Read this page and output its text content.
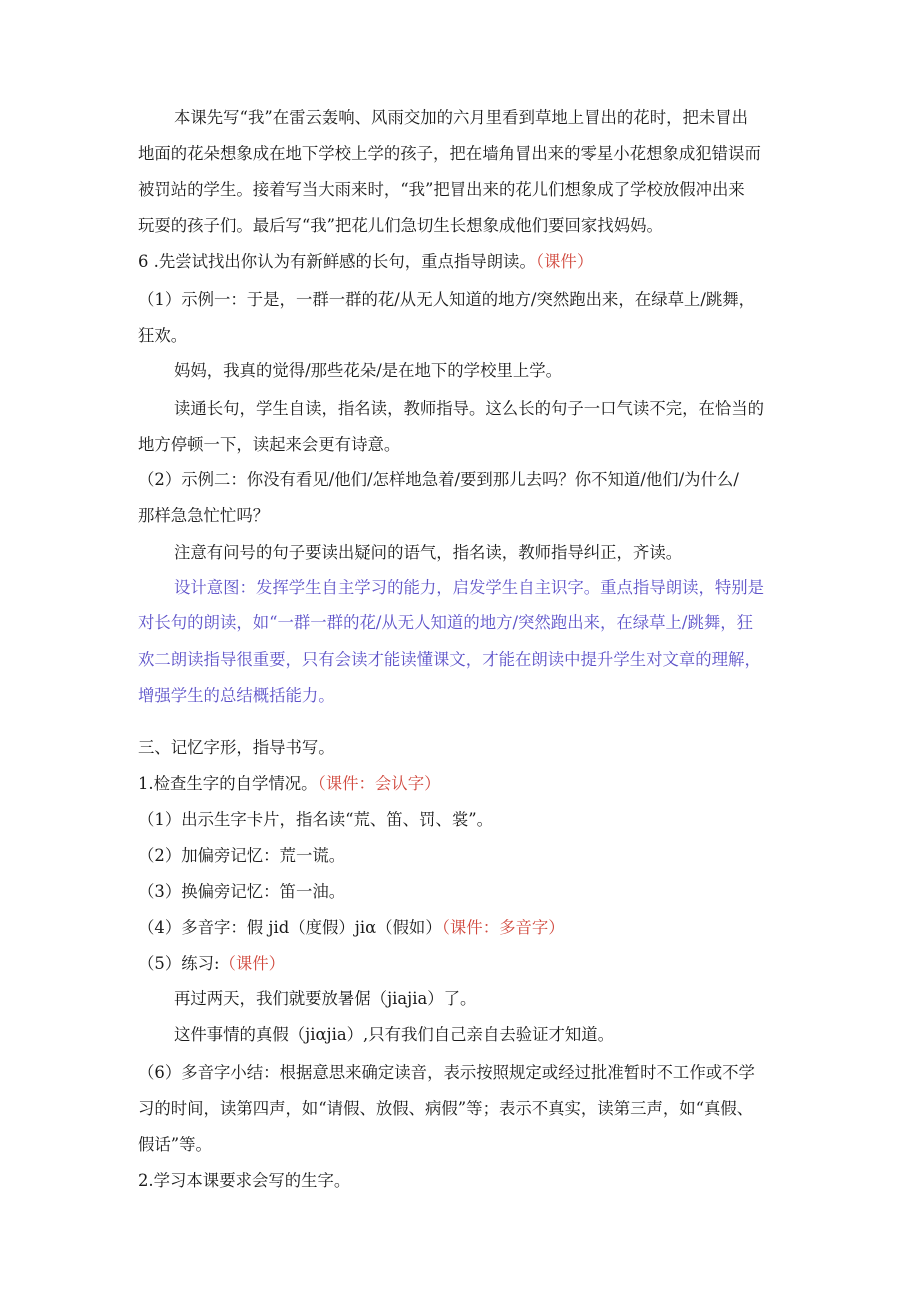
本课先写“我”在雷云轰响、风雨交加的六月里看到草地上冒出的花时，把未冒出
地面的花朵想象成在地下学校上学的孩子，把在墙角冒出来的零星小花想象成犯错误而
被罚站的学生。接着写当大雨来时，“我”把冒出来的花儿们想象成了学校放假冲出来
玩耍的孩子们。最后写“我”把花儿们急切生长想象成他们要回家找妈妈。
6 .先尝试找出你认为有新鲜感的长句，重点指导朗读。（课件）
（1）示例一：于是，一群一群的花/从无人知道的地方/突然跑出来，在绿草上/跳舞，
狂欢。
妈妈，我真的觉得/那些花朵/是在地下的学校里上学。
读通长句，学生自读，指名读，教师指导。这么长的句子一口气读不完，在恰当的
地方停顿一下，读起来会更有诗意。
（2）示例二：你没有看见/他们/怎样地急着/要到那儿去吗？你不知道/他们/为什么/
那样急急忙忙吗？
注意有问号的句子要读出疑问的语气，指名读，教师指导纠正，齐读。
设计意图：发挥学生自主学习的能力，启发学生自主识字。重点指导朗读，特别是
对长句的朗读，如“一群一群的花/从无人知道的地方/突然跑出来，在绿草上/跳舞，狂
欢二朗读指导很重要，只有会读才能读懂课文，才能在朗读中提升学生对文章的理解，
增强学生的总结概括能力。
三、记忆字形，指导书写。
1.检查生字的自学情况。（课件：会认字）
（1）出示生字卡片，指名读“荒、笛、罚、裳”。
（2）加偏旁记忆：荒一谎。
（3）换偏旁记忆：笛一油。
（4）多音字：假 jid（度假）jiα（假如）（课件：多音字）
（5）练习:（课件）
再过两天，我们就要放暑倨（jiajia）了。
这件事情的真假（jiαjia）,只有我们自己亲自去验证才知道。
（6）多音字小结：根据意思来确定读音，表示按照规定或经过批准暂时不工作或不学
习的时间，读第四声，如“请假、放假、病假”等；表示不真实，读第三声，如“真假、
假话”等。
2.学习本课要求会写的生字。
